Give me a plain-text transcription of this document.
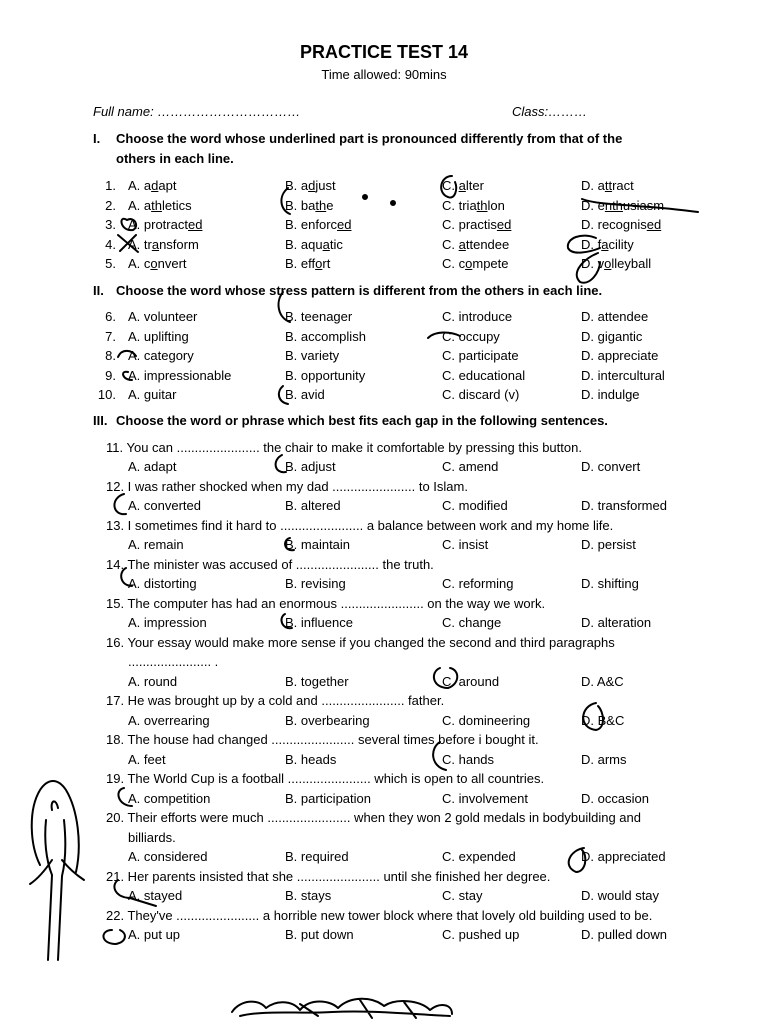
PRACTICE TEST 14
Time allowed: 90mins
Full name: ……………………………	Class:………
I. Choose the word whose underlined part is pronounced differently from that of the
others in each line.
1. A. adapt	B. adjust	C. alter	D. attract
2. A. athletics	B. bathe	C. triathlon	D. enthusiasm
3. A. protracted	B. enforced	C. practised	D. recognised
4. A. transform	B. aquatic	C. attendee	D. facility
5. A. convert	B. effort	C. compete	D. volleyball
II. Choose the word whose stress pattern is different from the others in each line.
6. A. volunteer	B. teenager	C. introduce	D. attendee
7. A. uplifting	B. accomplish	C. occupy	D. gigantic
8. A. category	B. variety	C. participate	D. appreciate
9. A. impressionable	B. opportunity	C. educational	D. intercultural
10. A. guitar	B. avid	C. discard (v)	D. indulge
III. Choose the word or phrase which best fits each gap in the following sentences.
11. You can ....................... the chair to make it comfortable by pressing this button.
A. adapt	B. adjust	C. amend	D. convert
12. I was rather shocked when my dad ....................... to Islam.
A. converted	B. altered	C. modified	D. transformed
13. I sometimes find it hard to ....................... a balance between work and my home life.
A. remain	B. maintain	C. insist	D. persist
14. The minister was accused of ....................... the truth.
A. distorting	B. revising	C. reforming	D. shifting
15. The computer has had an enormous ....................... on the way we work.
A. impression	B. influence	C. change	D. alteration
16. Your essay would make more sense if you changed the second and third paragraphs
....................... .
A. round	B. together	C. around	D. A&C
17. He was brought up by a cold and ....................... father.
A. overrearing	B. overbearing	C. domineering	D. B&C
18. The house had changed ....................... several times before i bought it.
A. feet	B. heads	C. hands	D. arms
19. The World Cup is a football ....................... which is open to all countries.
A. competition	B. participation	C. involvement	D. occasion
20. Their efforts were much ....................... when they won 2 gold medals in bodybuilding and
billiards.
A. considered	B. required	C. expended	D. appreciated
21. Her parents insisted that she ....................... until she finished her degree.
A. stayed	B. stays	C. stay	D. would stay
22. They've ....................... a horrible new tower block where that lovely old building used to be.
A. put up	B. put down	C. pushed up	D. pulled down
